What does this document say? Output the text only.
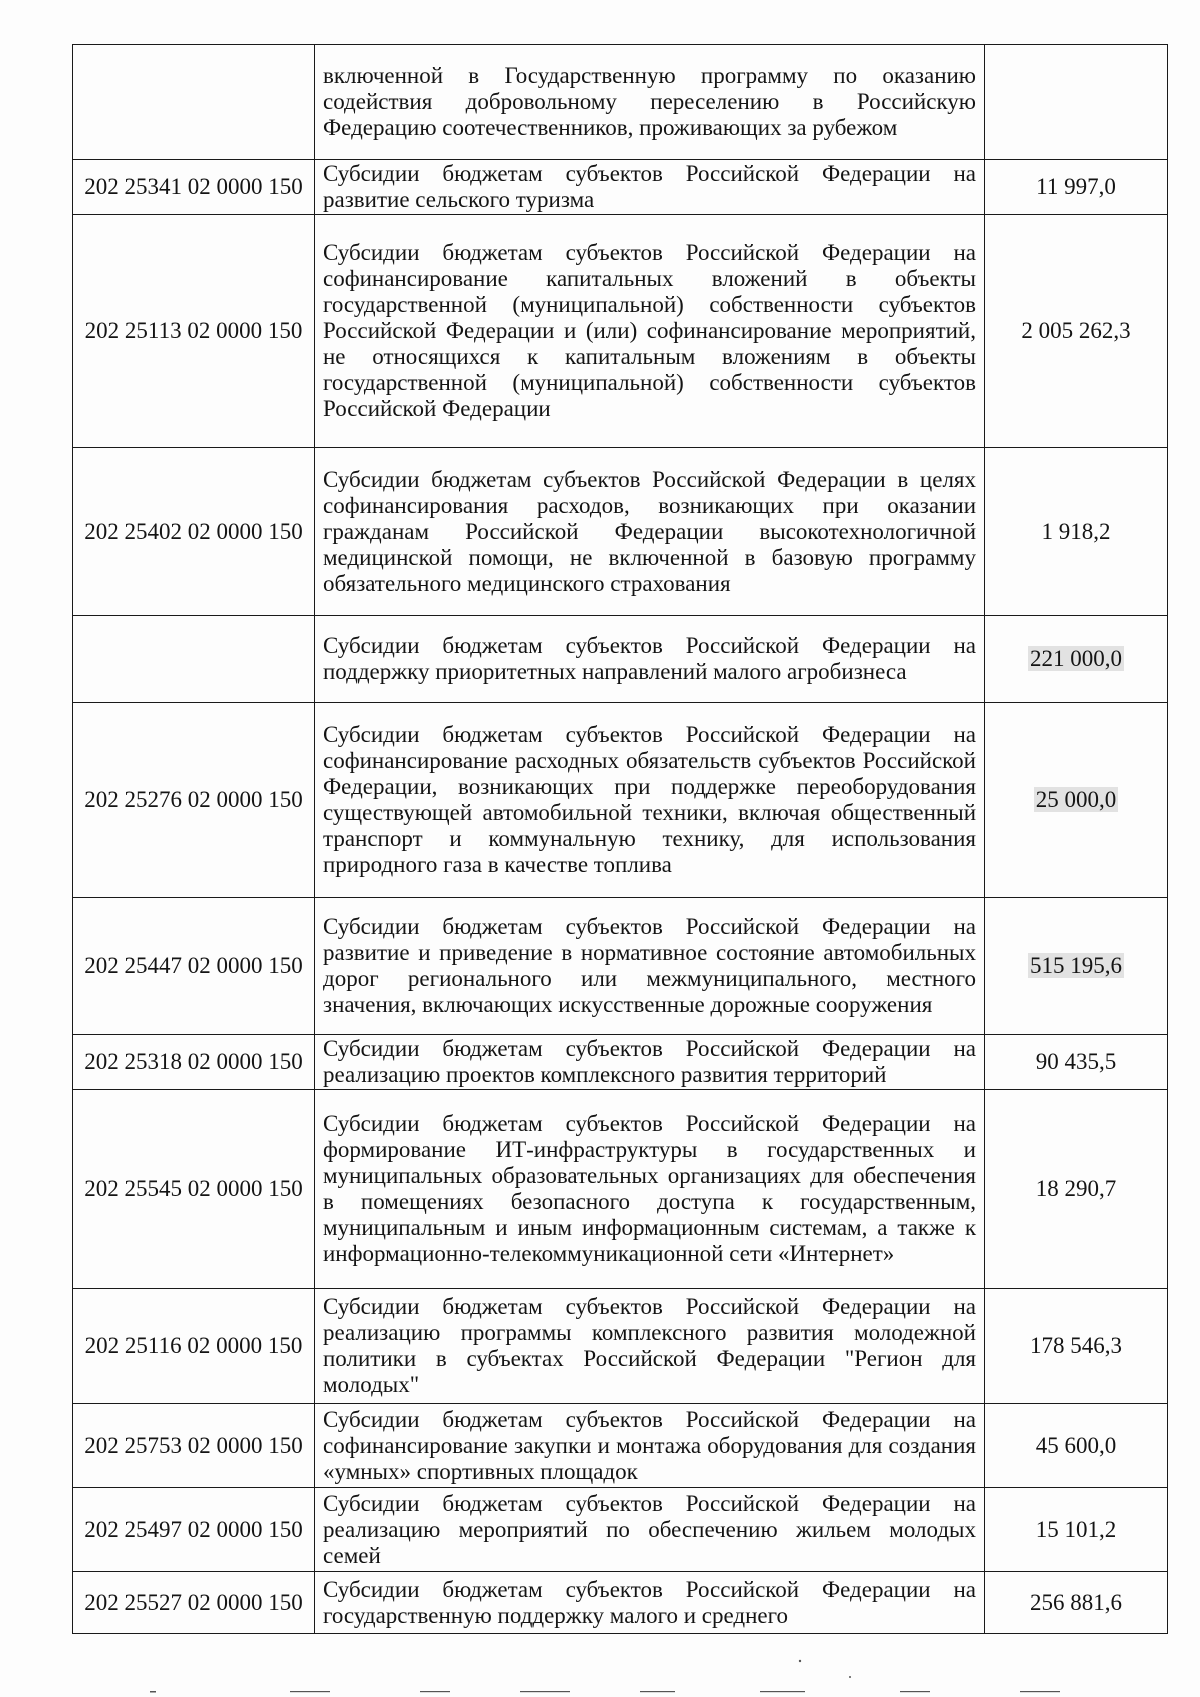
	включенной в Государственную программу по оказанию содействия добровольному переселению в Российскую Федерацию соотечественников, проживающих за рубежом	
202 25341 02 0000 150	Субсидии бюджетам субъектов Российской Федерации на развитие сельского туризма	11 997,0
202 25113 02 0000 150	Субсидии бюджетам субъектов Российской Федерации на софинансирование капитальных вложений в объекты государственной (муниципальной) собственности субъектов Российской Федерации и (или) софинансирование мероприятий, не относящихся к капитальным вложениям в объекты государственной (муниципальной) собственности субъектов Российской Федерации	2 005 262,3
202 25402 02 0000 150	Субсидии бюджетам субъектов Российской Федерации в целях софинансирования расходов, возникающих при оказании гражданам Российской Федерации высокотехнологичной медицинской помощи, не включенной в базовую программу обязательного медицинского страхования	1 918,2
	Субсидии бюджетам субъектов Российской Федерации на поддержку приоритетных направлений малого агробизнеса	221 000,0
202 25276 02 0000 150	Субсидии бюджетам субъектов Российской Федерации на софинансирование расходных обязательств субъектов Российской Федерации, возникающих при поддержке переоборудования существующей автомобильной техники, включая общественный транспорт и коммунальную технику, для использования природного газа в качестве топлива	25 000,0
202 25447 02 0000 150	Субсидии бюджетам субъектов Российской Федерации на развитие и приведение в нормативное состояние автомобильных дорог регионального или межмуниципального, местного значения, включающих искусственные дорожные сооружения	515 195,6
202 25318 02 0000 150	Субсидии бюджетам субъектов Российской Федерации на реализацию проектов комплексного развития территорий	90 435,5
202 25545 02 0000 150	Субсидии бюджетам субъектов Российской Федерации на формирование ИТ-инфраструктуры в государственных и муниципальных образовательных организациях для обеспечения в помещениях безопасного доступа к государственным, муниципальным и иным информационным системам, а также к информационно-телекоммуникационной сети «Интернет»	18 290,7
202 25116 02 0000 150	Субсидии бюджетам субъектов Российской Федерации на реализацию программы комплексного развития молодежной политики в субъектах Российской Федерации "Регион для молодых"	178 546,3
202 25753 02 0000 150	Субсидии бюджетам субъектов Российской Федерации на софинансирование закупки и монтажа оборудования для создания «умных» спортивных площадок	45 600,0
202 25497 02 0000 150	Субсидии бюджетам субъектов Российской Федерации на реализацию мероприятий по обеспечению жильем молодых семей	15 101,2
202 25527 02 0000 150	Субсидии бюджетам субъектов Российской Федерации на государственную поддержку малого и среднего	256 881,6
